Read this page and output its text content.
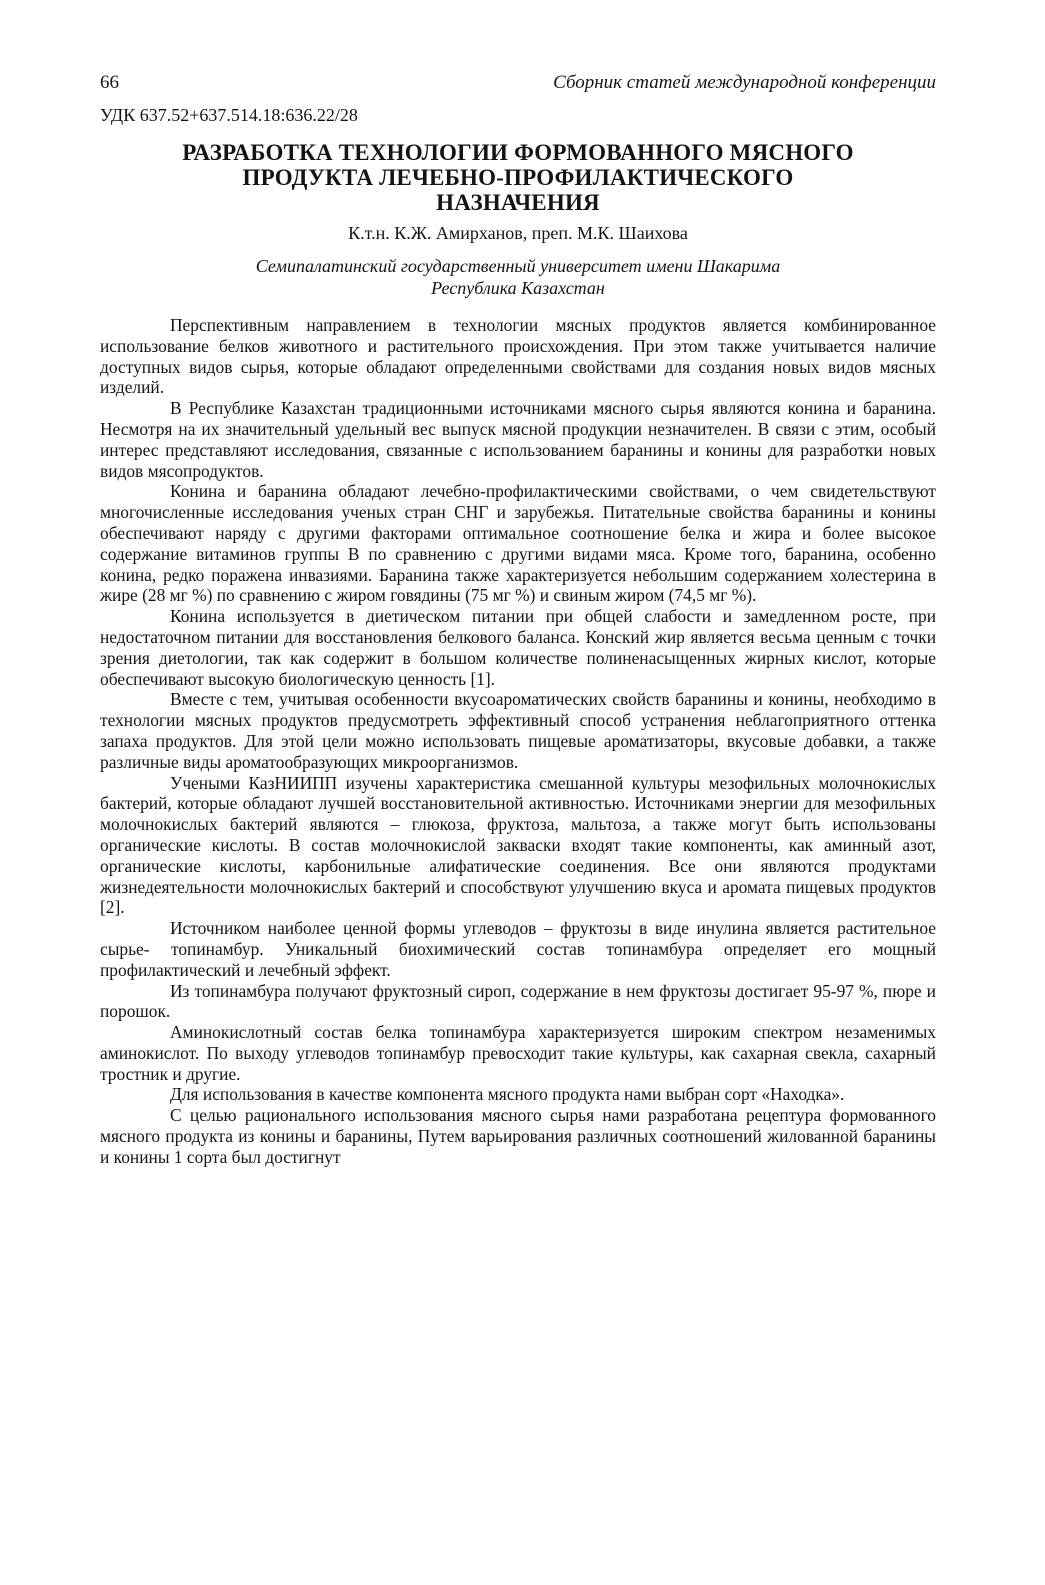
66	Сборник статей международной конференции
УДК 637.52+637.514.18:636.22/28
РАЗРАБОТКА ТЕХНОЛОГИИ ФОРМОВАННОГО МЯСНОГО
ПРОДУКТА ЛЕЧЕБНО-ПРОФИЛАКТИЧЕСКОГО
НАЗНАЧЕНИЯ
К.т.н. К.Ж. Амирханов, преп. М.К. Шаихова
Семипалатинский государственный университет имени Шакарима
Республика Казахстан

Перспективным направлением в технологии мясных продуктов является комбинированное использование белков животного и растительного происхождения. При этом также учитывается наличие доступных видов сырья, которые обладают определенными свойствами для создания новых видов мясных изделий.

В Республике Казахстан традиционными источниками мясного сырья являются конина и баранина. Несмотря на их значительный удельный вес выпуск мясной продукции незначителен. В связи с этим, особый интерес представляют исследования, связанные с использованием баранины и конины для разработки новых видов мясопродуктов.

Конина и баранина обладают лечебно-профилактическими свойствами, о чем свидетельствуют многочисленные исследования ученых стран СНГ и зарубежья. Питательные свойства баранины и конины обеспечивают наряду с другими факторами оптимальное соотношение белка и жира и более высокое содержание витаминов группы В по сравнению с другими видами мяса. Кроме того, баранина, особенно конина, редко поражена инвазиями. Баранина также характеризуется небольшим содержанием холестерина в жире (28 мг %) по сравнению с жиром говядины (75 мг %) и свиным жиром (74,5 мг %).

Конина используется в диетическом питании при общей слабости и замедленном росте, при недостаточном питании для восстановления белкового баланса. Конский жир является весьма ценным с точки зрения диетологии, так как содержит в большом количестве полиненасыщенных жирных кислот, которые обеспечивают высокую биологическую ценность [1].

Вместе с тем, учитывая особенности вкусоароматических свойств баранины и конины, необходимо в технологии мясных продуктов предусмотреть эффективный способ устранения неблагоприятного оттенка запаха продуктов. Для этой цели можно использовать пищевые ароматизаторы, вкусовые добавки, а также различные виды ароматообразующих микроорганизмов.

Учеными КазНИИПП изучены характеристика смешанной культуры мезофильных молочнокислых бактерий, которые обладают лучшей восстановительной активностью. Источниками энергии для мезофильных молочнокислых бактерий являются – глюкоза, фруктоза, мальтоза, а также могут быть использованы органические кислоты. В состав молочнокислой закваски входят такие компоненты, как аминный азот, органические кислоты, карбонильные алифатические соединения. Все они являются продуктами жизнедеятельности молочнокислых бактерий и способствуют улучшению вкуса и аромата пищевых продуктов [2].

Источником наиболее ценной формы углеводов – фруктозы в виде инулина является растительное сырье- топинамбур. Уникальный биохимический состав топинамбура определяет его мощный профилактический и лечебный эффект.

Из топинамбура получают фруктозный сироп, содержание в нем фруктозы достигает 95-97 %, пюре и порошок.

Аминокислотный состав белка топинамбура характеризуется широким спектром незаменимых аминокислот. По выходу углеводов топинамбур превосходит такие культуры, как сахарная свекла, сахарный тростник и другие.

Для использования в качестве компонента мясного продукта нами выбран сорт «Находка».

С целью рационального использования мясного сырья нами разработана рецептура формованного мясного продукта из конины и баранины, Путем варьирования различных соотношений жилованной баранины и конины 1 сорта был достигнут
